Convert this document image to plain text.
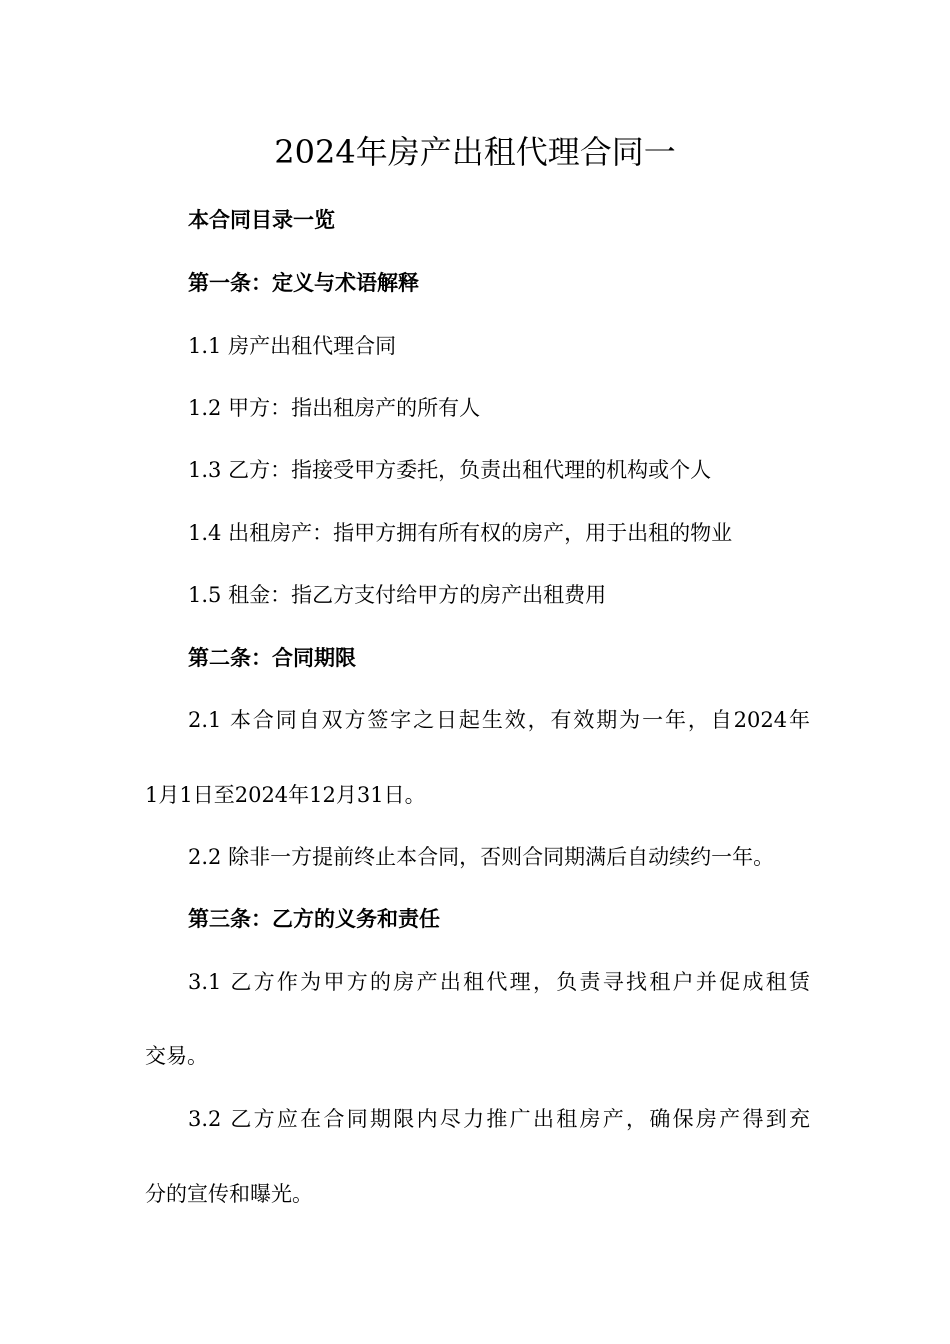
2024年房产出租代理合同一

本合同目录一览

第一条：定义与术语解释

1.1 房产出租代理合同

1.2 甲方：指出租房产的所有人

1.3 乙方：指接受甲方委托，负责出租代理的机构或个人

1.4 出租房产：指甲方拥有所有权的房产，用于出租的物业

1.5 租金：指乙方支付给甲方的房产出租费用

第二条：合同期限

2.1 本合同自双方签字之日起生效，有效期为一年，自2024年

1月1日至2024年12月31日。

2.2 除非一方提前终止本合同，否则合同期满后自动续约一年。

第三条：乙方的义务和责任

3.1 乙方作为甲方的房产出租代理，负责寻找租户并促成租赁

交易。

3.2 乙方应在合同期限内尽力推广出租房产，确保房产得到充

分的宣传和曝光。
